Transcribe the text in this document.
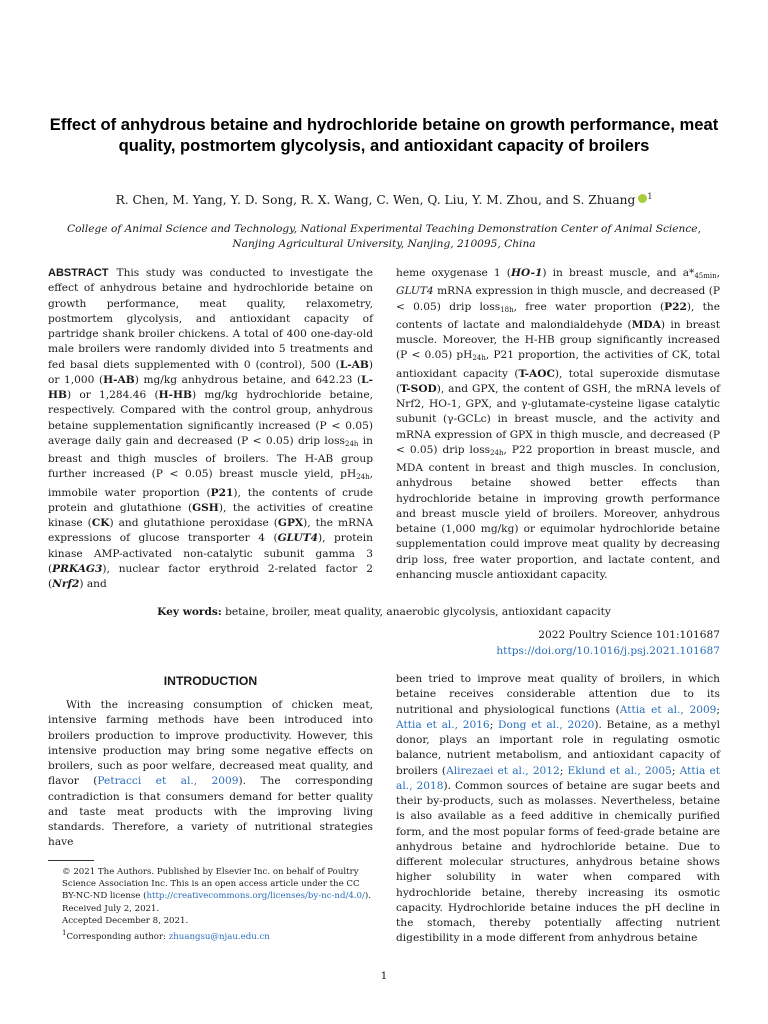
Effect of anhydrous betaine and hydrochloride betaine on growth performance, meat quality, postmortem glycolysis, and antioxidant capacity of broilers
R. Chen, M. Yang, Y. D. Song, R. X. Wang, C. Wen, Q. Liu, Y. M. Zhou, and S. Zhuang $^1$
College of Animal Science and Technology, National Experimental Teaching Demonstration Center of Animal Science, Nanjing Agricultural University, Nanjing, 210095, China

ABSTRACT This study was conducted to investigate the effect of anhydrous betaine and hydrochloride betaine on growth performance, meat quality, relaxometry, postmortem glycolysis, and antioxidant capacity of partridge shank broiler chickens. A total of 400 one-day-old male broilers were randomly divided into 5 treatments and fed basal diets supplemented with 0 (control), 500 (L-AB) or 1,000 (H-AB) mg/kg anhydrous betaine, and 642.23 (L-HB) or 1,284.46 (H-HB) mg/kg hydrochloride betaine, respectively. Compared with the control group, anhydrous betaine supplementation significantly increased (P < 0.05) average daily gain and decreased (P < 0.05) drip loss$_{24h}$ in breast and thigh muscles of broilers. The H-AB group further increased (P < 0.05) breast muscle yield, $pH_{24h}$, immobile water proportion (P21), the contents of crude protein and glutathione (GSH), the activities of creatine kinase (CK) and glutathione peroxidase (GPX), the mRNA expressions of glucose transporter 4 (GLUT4), protein kinase AMP-activated non-catalytic subunit gamma 3 (PRKAG3), nuclear factor erythroid 2-related factor 2 (Nrf2) and

heme oxygenase 1 (HO-1) in breast muscle, and $a*_{45min}$, GLUT4 mRNA expression in thigh muscle, and decreased (P < 0.05) drip loss$_{18h}$, free water proportion (P22), the contents of lactate and malondialdehyde (MDA) in breast muscle. Moreover, the H-HB group significantly increased (P < 0.05) $pH_{24h}$, P21 proportion, the activities of CK, total antioxidant capacity (T-AOC), total superoxide dismutase (T-SOD), and GPX, the content of GSH, the mRNA levels of Nrf2, HO-1, GPX, and γ-glutamate-cysteine ligase catalytic subunit (γ-GCLc) in breast muscle, and the activity and mRNA expression of GPX in thigh muscle, and decreased (P < 0.05) drip loss$_{24h}$, P22 proportion in breast muscle, and MDA content in breast and thigh muscles. In conclusion, anhydrous betaine showed better effects than hydrochloride betaine in improving growth performance and breast muscle yield of broilers. Moreover, anhydrous betaine (1,000 mg/kg) or equimolar hydrochloride betaine supplementation could improve meat quality by decreasing drip loss, free water proportion, and lactate content, and enhancing muscle antioxidant capacity.

Key words: betaine, broiler, meat quality, anaerobic glycolysis, antioxidant capacity
2022 Poultry Science 101:101687
https://doi.org/10.1016/j.psj.2021.101687
INTRODUCTION

With the increasing consumption of chicken meat, intensive farming methods have been introduced into broilers production to improve productivity. However, this intensive production may bring some negative effects on broilers, such as poor welfare, decreased meat quality, and flavor (Petracci et al., 2009). The corresponding contradiction is that consumers demand for better quality and taste meat products with the improving living standards. Therefore, a variety of nutritional strategies have

been tried to improve meat quality of broilers, in which betaine receives considerable attention due to its nutritional and physiological functions (Attia et al., 2009; Attia et al., 2016; Dong et al., 2020). Betaine, as a methyl donor, plays an important role in regulating osmotic balance, nutrient metabolism, and antioxidant capacity of broilers (Alirezaei et al., 2012; Eklund et al., 2005; Attia et al., 2018). Common sources of betaine are sugar beets and their by-products, such as molasses. Nevertheless, betaine is also available as a feed additive in chemically purified form, and the most popular forms of feed-grade betaine are anhydrous betaine and hydrochloride betaine. Due to different molecular structures, anhydrous betaine shows higher solubility in water when compared with hydrochloride betaine, thereby increasing its osmotic capacity. Hydrochloride betaine induces the pH decline in the stomach, thereby potentially affecting nutrient digestibility in a mode different from anhydrous betaine

© 2021 The Authors. Published by Elsevier Inc. on behalf of Poultry Science Association Inc. This is an open access article under the CC BY-NC-ND license (http://creativecommons.org/licenses/by-nc-nd/4.0/).

Received July 2, 2021.

Accepted December 8, 2021.

$^1$Corresponding author: zhuangsu@njau.edu.cn

1
